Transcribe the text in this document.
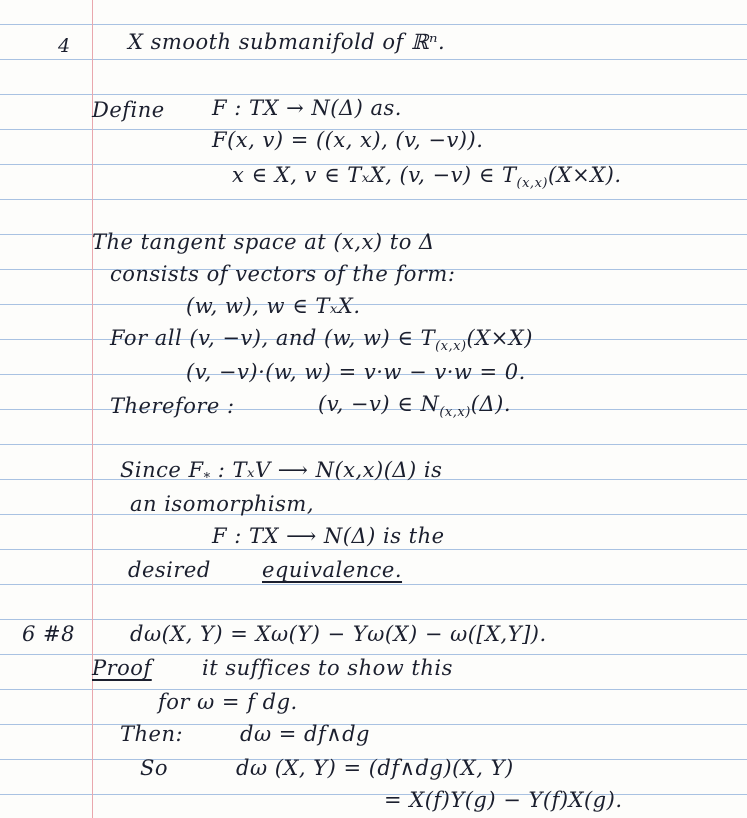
4	X smooth submanifold of ℝⁿ.
Define F : TX → N(Δ) as.
F(x, v) = ((x, x), (v, −v)).
x ∈ X, v ∈ TₓX, (v, −v) ∈ $T_{(x,x)}(X\times X)$.
The tangent space at (x,x) to Δ
consists of vectors of the form:
(w, w), w ∈ TₓX.
For all (v, −v), and (w, w) ∈ $T_{(x,x)}(X\times X)$
(v, −v)·(w, w) = v·w − v·w = 0.
Therefore :	(v, −v) ∈ $N_{(x,x)}(\Delta)$.
Since $F_*$ : TₓV ⟶ N(x,x)(Δ) is
an isomorphism,
F : TX ⟶ N(Δ) is the
desired equivalence.
6 #8	dω(X, Y) = Xω(Y) − Yω(X) − ω([X,Y]).
Proof it suffices to show this
for ω = f dg.
Then:	dω = df∧dg
So	dω (X, Y) = (df∧dg)(X, Y)
= X(f)Y(g) − Y(f)X(g).
